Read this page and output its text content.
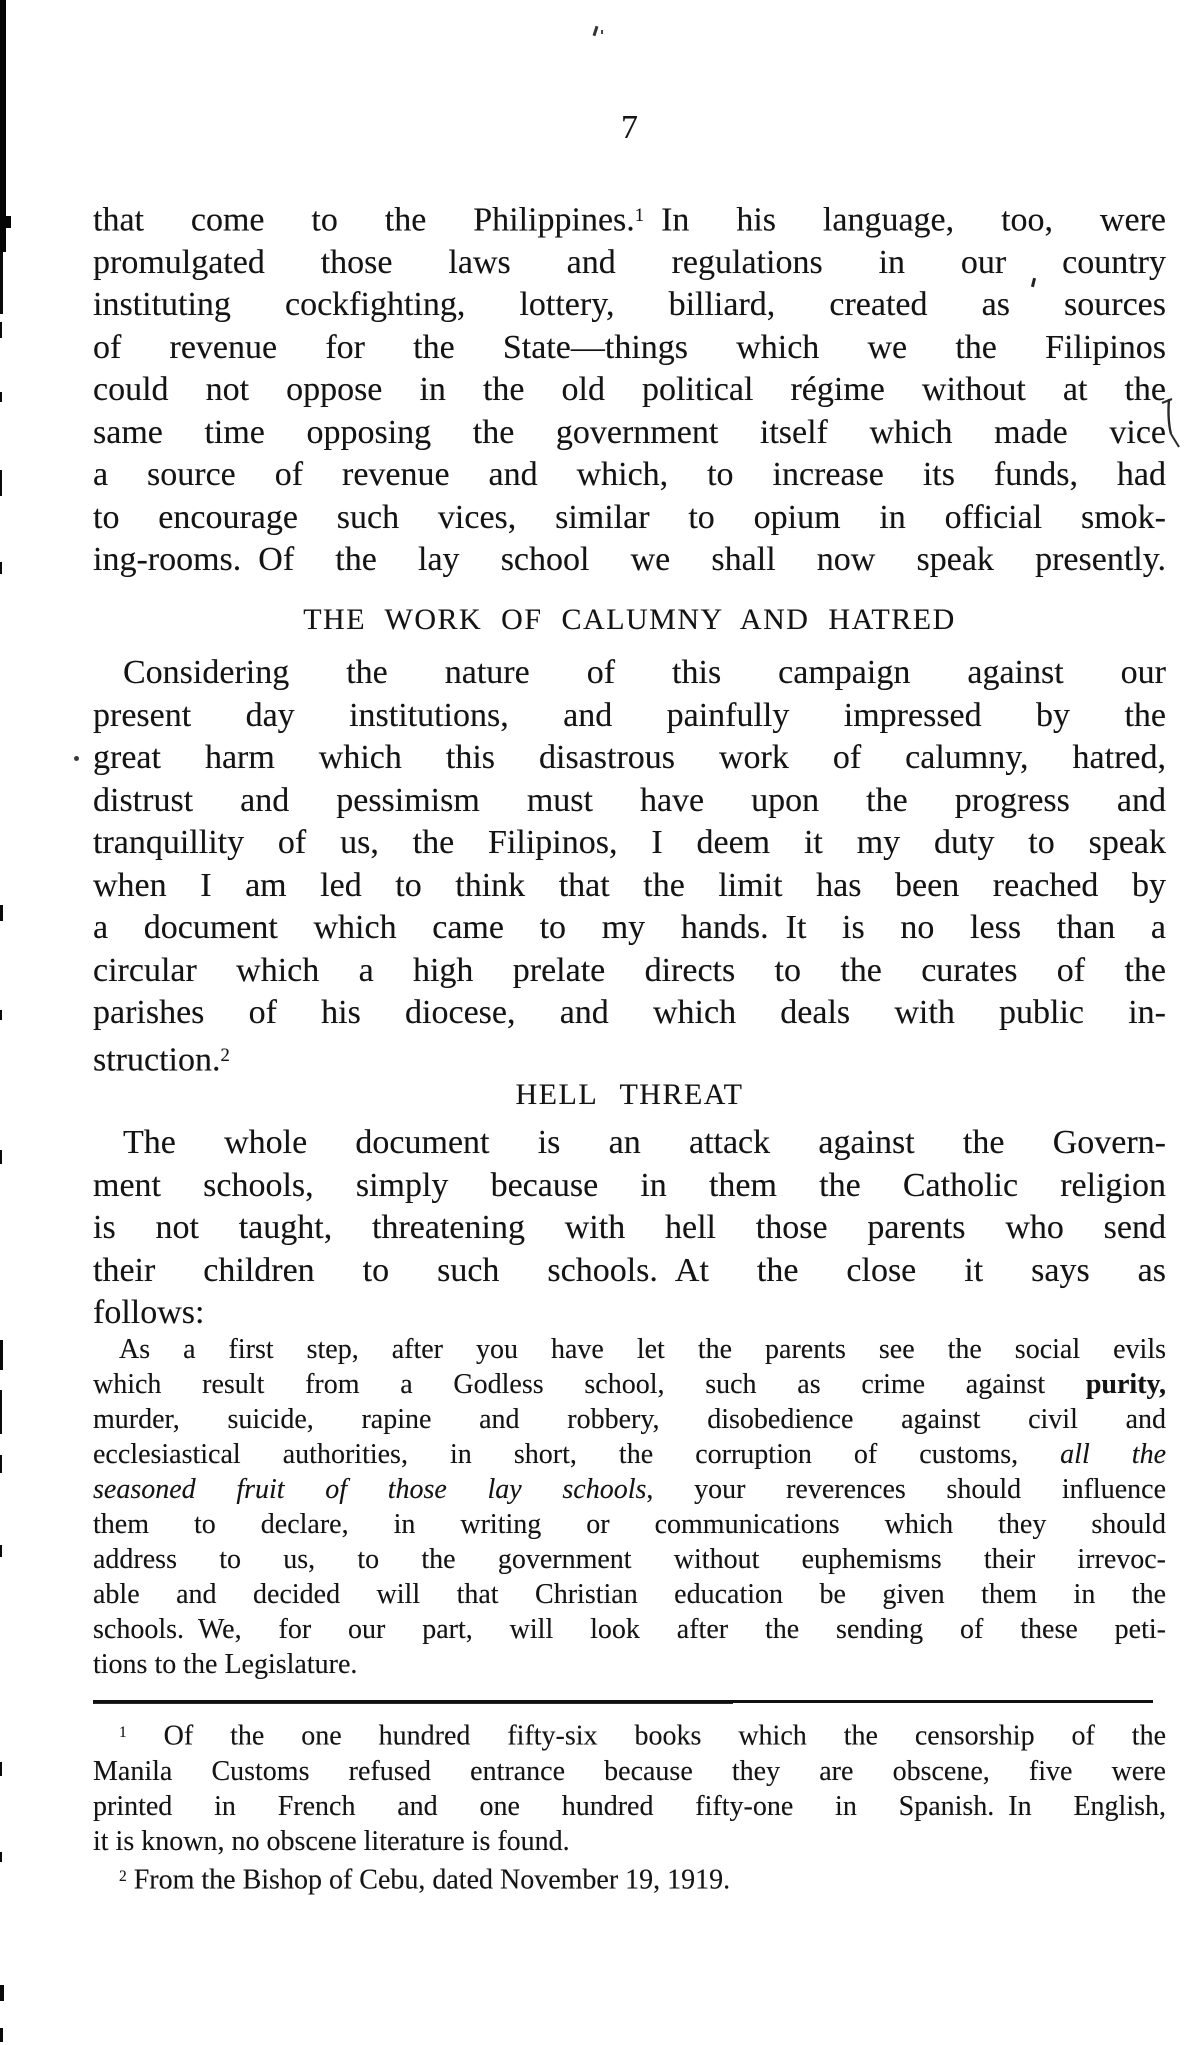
7
that come to the Philippines.$^1$ In his language, too, were
promulgated those laws and regulations in our country
instituting cockfighting, lottery, billiard, created as sources
of revenue for the State—things which we the Filipinos
could not oppose in the old political régime without at the
same time opposing the government itself which made vice
a source of revenue and which, to increase its funds, had
to encourage such vices, similar to opium in official smok-
ing-rooms. Of the lay school we shall now speak presently.
THE WORK OF CALUMNY AND HATRED
Considering the nature of this campaign against our
present day institutions, and painfully impressed by the
great harm which this disastrous work of calumny, hatred,
distrust and pessimism must have upon the progress and
tranquillity of us, the Filipinos, I deem it my duty to speak
when I am led to think that the limit has been reached by
a document which came to my hands. It is no less than a
circular which a high prelate directs to the curates of the
parishes of his diocese, and which deals with public in-
struction.$^2$
HELL THREAT
The whole document is an attack against the Govern-
ment schools, simply because in them the Catholic religion
is not taught, threatening with hell those parents who send
their children to such schools. At the close it says as
follows:
As a first step, after you have let the parents see the social evils
which result from a Godless school, such as crime against purity,
murder, suicide, rapine and robbery, disobedience against civil and
ecclesiastical authorities, in short, the corruption of customs, all the
seasoned fruit of those lay schools, your reverences should influence
them to declare, in writing or communications which they should
address to us, to the government without euphemisms their irrevoc-
able and decided will that Christian education be given them in the
schools. We, for our part, will look after the sending of these peti-
tions to the Legislature.
$^1$ Of the one hundred fifty-six books which the censorship of the
Manila Customs refused entrance because they are obscene, five were
printed in French and one hundred fifty-one in Spanish. In English,
it is known, no obscene literature is found.
$^2$ From the Bishop of Cebu, dated November 19, 1919.
